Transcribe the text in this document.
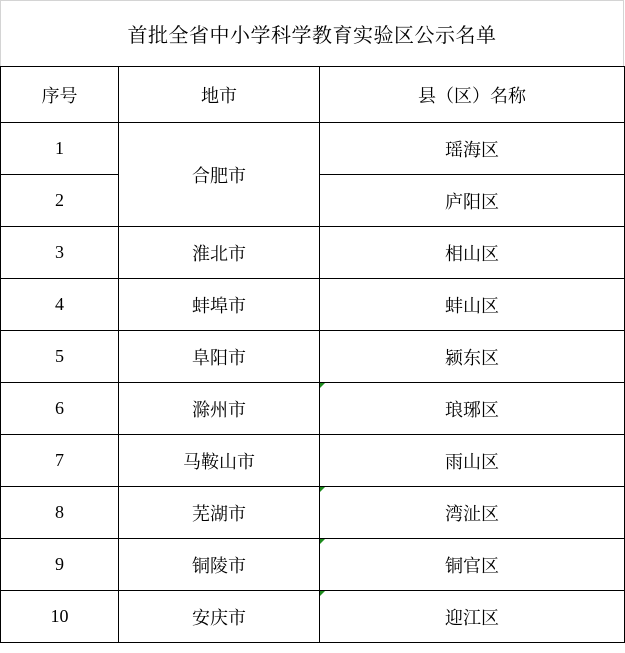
首批全省中小学科学教育实验区公示名单
序号	地市	县（区）名称
1	合肥市	瑶海区
2		庐阳区
3	淮北市	相山区
4	蚌埠市	蚌山区
5	阜阳市	颍东区
6	滁州市	琅琊区
7	马鞍山市	雨山区
8	芜湖市	湾沚区
9	铜陵市	铜官区
10	安庆市	迎江区
